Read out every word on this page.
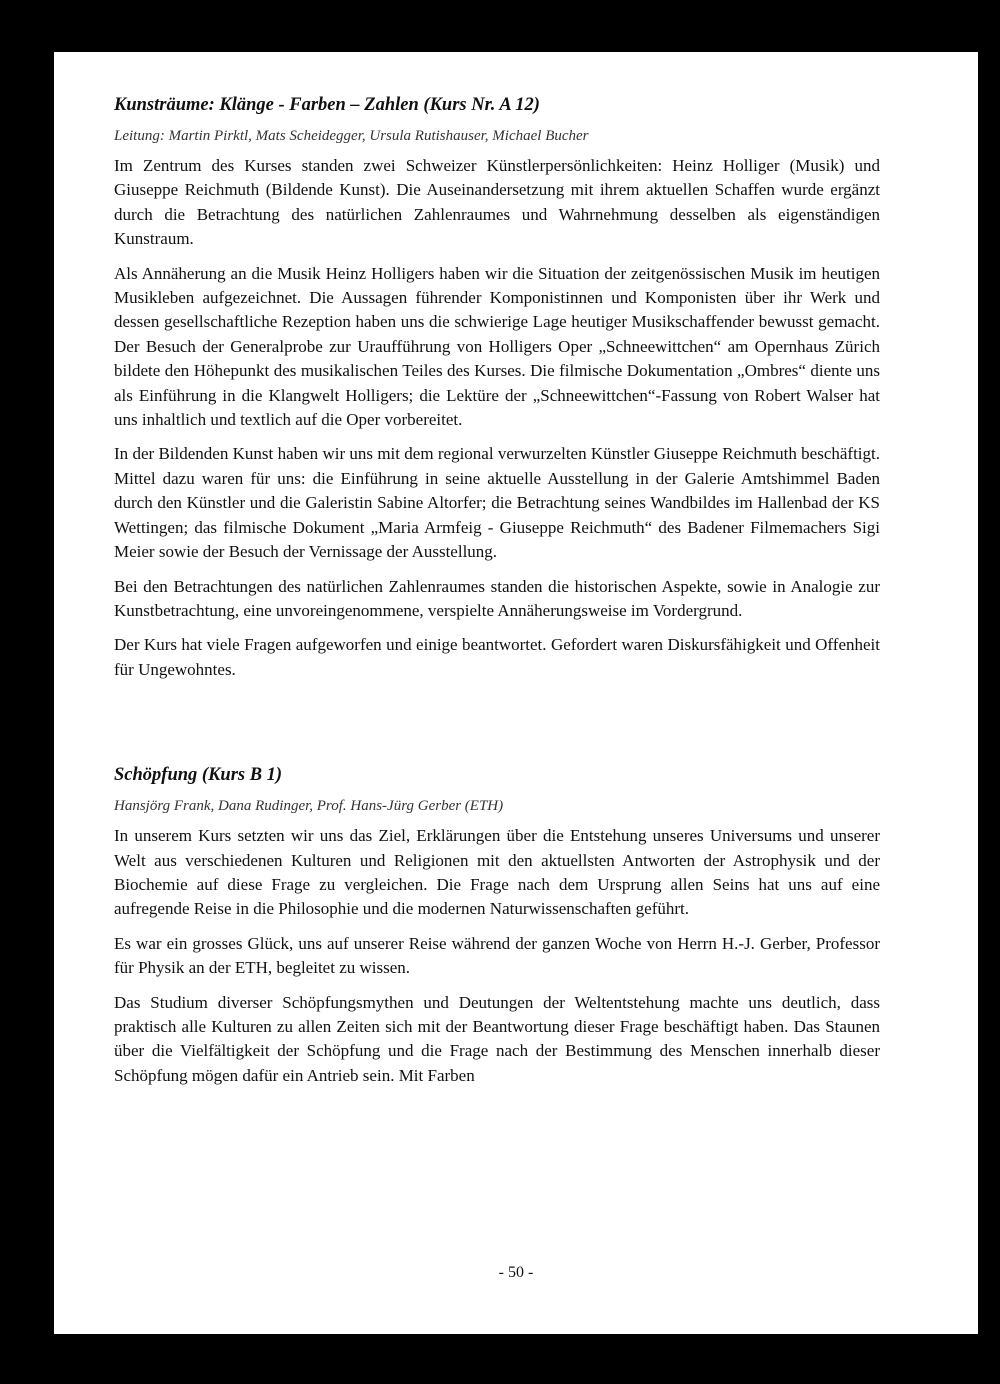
Kunsträume: Klänge - Farben – Zahlen (Kurs Nr. A 12)
Leitung: Martin Pirktl, Mats Scheidegger, Ursula Rutishauser, Michael Bucher

Im Zentrum des Kurses standen zwei Schweizer Künstlerpersönlichkeiten: Heinz Holliger (Musik) und Giuseppe Reichmuth (Bildende Kunst). Die Auseinandersetzung mit ihrem aktuellen Schaffen wurde ergänzt durch die Betrachtung des natürlichen Zahlenraumes und Wahrnehmung desselben als eigenständigen Kunstraum.

Als Annäherung an die Musik Heinz Holligers haben wir die Situation der zeitgenössischen Musik im heutigen Musikleben aufgezeichnet. Die Aussagen führender Komponistinnen und Komponisten über ihr Werk und dessen gesellschaftliche Rezeption haben uns die schwierige Lage heutiger Musikschaffender bewusst gemacht. Der Besuch der Generalprobe zur Uraufführung von Holligers Oper „Schneewittchen“ am Opernhaus Zürich bildete den Höhepunkt des musikalischen Teiles des Kurses. Die filmische Dokumentation „Ombres“ diente uns als Einführung in die Klangwelt Holligers; die Lektüre der „Schneewittchen“-Fassung von Robert Walser hat uns inhaltlich und textlich auf die Oper vorbereitet.

In der Bildenden Kunst haben wir uns mit dem regional verwurzelten Künstler Giuseppe Reichmuth beschäftigt. Mittel dazu waren für uns: die Einführung in seine aktuelle Ausstellung in der Galerie Amtshimmel Baden durch den Künstler und die Galeristin Sabine Altorfer; die Betrachtung seines Wandbildes im Hallenbad der KS Wettingen; das filmische Dokument „Maria Armfeig - Giuseppe Reichmuth“ des Badener Filmemachers Sigi Meier sowie der Besuch der Vernissage der Ausstellung.

Bei den Betrachtungen des natürlichen Zahlenraumes standen die historischen Aspekte, sowie in Analogie zur Kunstbetrachtung, eine unvoreingenommene, verspielte Annäherungsweise im Vordergrund.

Der Kurs hat viele Fragen aufgeworfen und einige beantwortet. Gefordert waren Diskursfähigkeit und Offenheit für Ungewohntes.

Schöpfung (Kurs B 1)
Hansjörg Frank, Dana Rudinger, Prof. Hans-Jürg Gerber (ETH)

In unserem Kurs setzten wir uns das Ziel, Erklärungen über die Entstehung unseres Universums und unserer Welt aus verschiedenen Kulturen und Religionen mit den aktuellsten Antworten der Astrophysik und der Biochemie auf diese Frage zu vergleichen. Die Frage nach dem Ursprung allen Seins hat uns auf eine aufregende Reise in die Philosophie und die modernen Naturwissenschaften geführt.

Es war ein grosses Glück, uns auf unserer Reise während der ganzen Woche von Herrn H.-J. Gerber, Professor für Physik an der ETH, begleitet zu wissen.

Das Studium diverser Schöpfungsmythen und Deutungen der Weltentstehung machte uns deutlich, dass praktisch alle Kulturen zu allen Zeiten sich mit der Beantwortung dieser Frage beschäftigt haben. Das Staunen über die Vielfältigkeit der Schöpfung und die Frage nach der Bestimmung des Menschen innerhalb dieser Schöpfung mögen dafür ein Antrieb sein. Mit Farben

- 50 -
